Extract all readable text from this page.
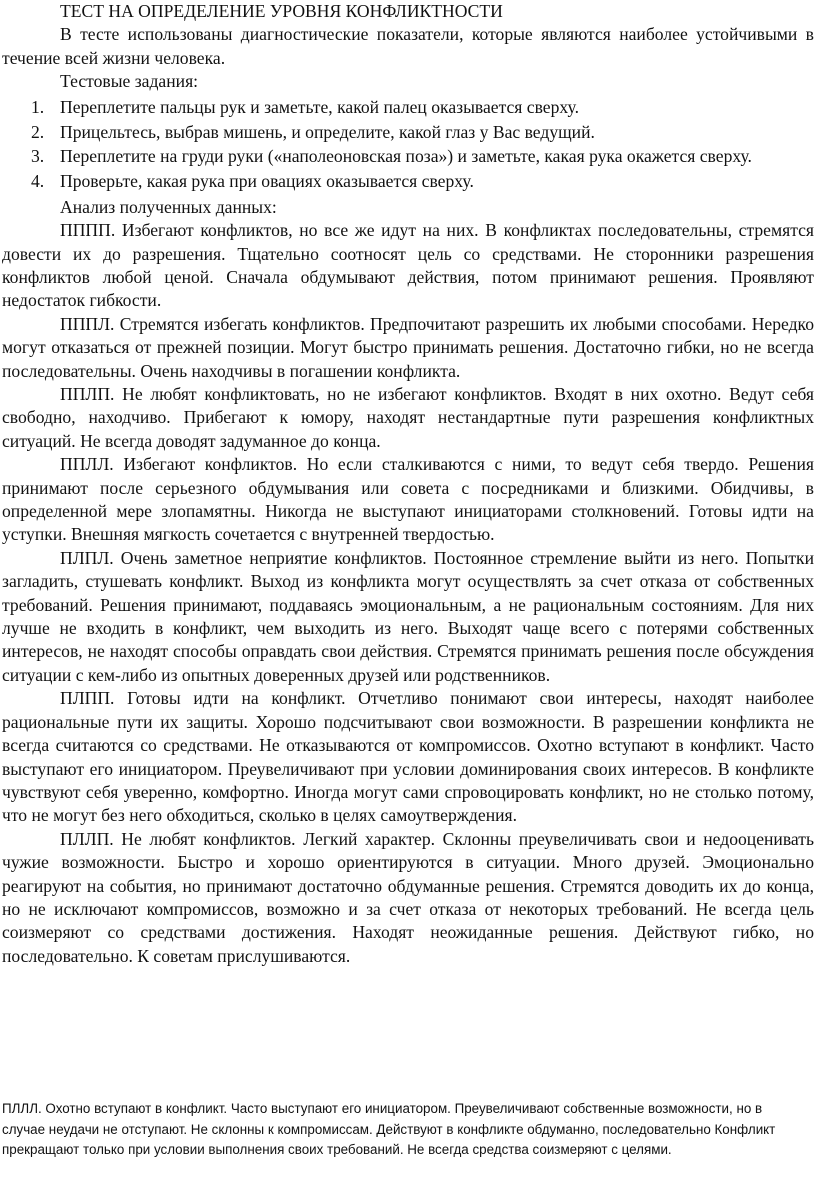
ТЕСТ НА ОПРЕДЕЛЕНИЕ УРОВНЯ КОНФЛИКТНОСТИ

В тесте использованы диагностические показатели, которые являются наиболее устойчивыми в течение всей жизни человека.

Тестовые задания:

1. Переплетите пальцы рук и заметьте, какой палец оказывается сверху.
2. Прицельтесь, выбрав мишень, и определите, какой глаз у Вас ведущий.
3. Переплетите на груди руки («наполеоновская поза») и заметьте, какая рука окажется сверху.
4. Проверьте, какая рука при овациях оказывается сверху.

Анализ полученных данных:

ПППП. Избегают конфликтов, но все же идут на них. В конфликтах последовательны, стремятся довести их до разрешения. Тщательно соотносят цель со средствами. Не сторонники разрешения конфликтов любой ценой. Сначала обдумывают действия, потом принимают решения. Проявляют недостаток гибкости.

ПППЛ. Стремятся избегать конфликтов. Предпочитают разрешить их любыми способами. Нередко могут отказаться от прежней позиции. Могут быстро принимать решения. Достаточно гибки, но не всегда последовательны. Очень находчивы в погашении конфликта.

ППЛП. Не любят конфликтовать, но не избегают конфликтов. Входят в них охотно. Ведут себя свободно, находчиво. Прибегают к юмору, находят нестандартные пути разрешения конфликтных ситуаций. Не всегда доводят задуманное до конца.

ППЛЛ. Избегают конфликтов. Но если сталкиваются с ними, то ведут себя твердо. Решения принимают после серьезного обдумывания или совета с посредниками и близкими. Обидчивы, в определенной мере злопамятны. Никогда не выступают инициаторами столкновений. Готовы идти на уступки. Внешняя мягкость сочетается с внутренней твердостью.

ПЛПЛ. Очень заметное неприятие конфликтов. Постоянное стремление выйти из него. Попытки загладить, стушевать конфликт. Выход из конфликта могут осуществлять за счет отказа от собственных требований. Решения принимают, поддаваясь эмоциональным, а не рациональным состояниям. Для них лучше не входить в конфликт, чем выходить из него. Выходят чаще всего с потерями собственных интересов, не находят способы оправдать свои действия. Стремятся принимать решения после обсуждения ситуации с кем-либо из опытных доверенных друзей или родственников.

ПЛПП. Готовы идти на конфликт. Отчетливо понимают свои интересы, находят наиболее рациональные пути их защиты. Хорошо подсчитывают свои возможности. В разрешении конфликта не всегда считаются со средствами. Не отказываются от компромиссов. Охотно вступают в конфликт. Часто выступают его инициатором. Преувеличивают при условии доминирования своих интересов. В конфликте чувствуют себя уверенно, комфортно. Иногда могут сами спровоцировать конфликт, но не столько потому, что не могут без него обходиться, сколько в целях самоутверждения.

ПЛЛП. Не любят конфликтов. Легкий характер. Склонны преувеличивать свои и недооценивать чужие возможности. Быстро и хорошо ориентируются в ситуации. Много друзей. Эмоционально реагируют на события, но принимают достаточно обдуманные решения. Стремятся доводить их до конца, но не исключают компромиссов, возможно и за счет отказа от некоторых требований. Не всегда цель соизмеряют со средствами достижения. Находят неожиданные решения. Действуют гибко, но последовательно. К советам прислушиваются.

ПЛЛЛ. Охотно вступают в конфликт. Часто выступают его инициатором. Преувеличивают собственные возможности, но в случае неудачи не отступают. Не склонны к компромиссам. Действуют в конфликте обдуманно, последовательно Конфликт прекращают только при условии выполнения своих требований. Не всегда средства соизмеряют с целями.
